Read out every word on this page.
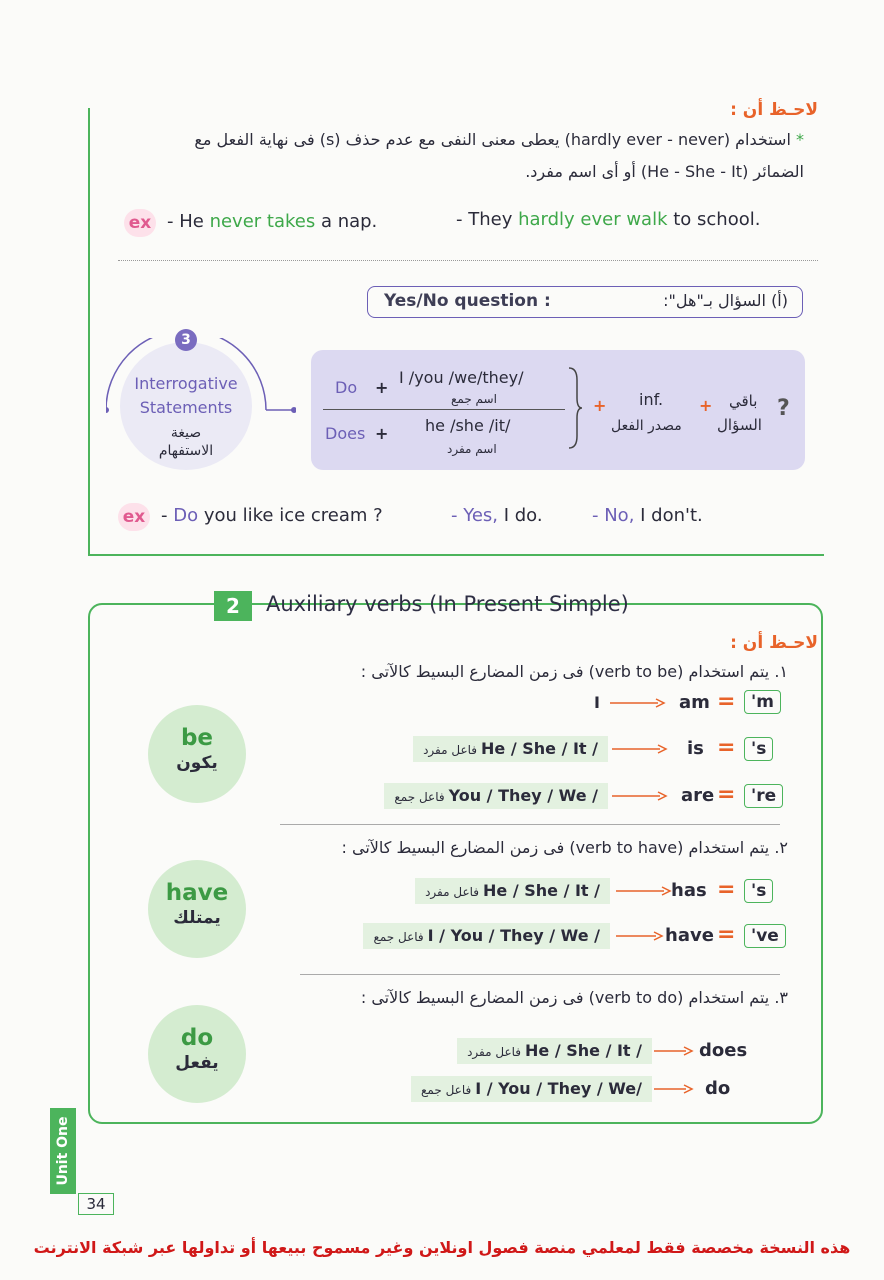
لاحـظ أن :
* استخدام (hardly ever - never) يعطى معنى النفى مع عدم حذف (s) فى نهاية الفعل مع
الضمائر (He - She - It) أو أى اسم مفرد.
ex - He never takes a nap.	- They hardly ever walk to school.
Yes/No question :	(أ) السؤال بـ"هل":
3
Interrogative
Statements
صيغة
الاستفهام
Do +
I /you /we/they/
اسم جمع
Does + he /she /it/
اسم مفرد
+ inf.
مصدر الفعل
+ باقي
السؤال
?
ex - Do you like ice cream ?	- Yes, I do.	- No, I don't.
2	Auxiliary verbs (In Present Simple)
لاحـظ أن :
١. يتم استخدام (verb to be) فى زمن المضارع البسيط كالآتى :
be
يكون
I	am = 'm
فاعل مفرد He / She / It /	is = 's
فاعل جمع You / They / We /	are = 're
٢. يتم استخدام (verb to have) فى زمن المضارع البسيط كالآتى :
have
يمتلك
فاعل مفرد He / She / It /	has = 's
فاعل جمع I / You / They / We /	have = 've
٣. يتم استخدام (verb to do) فى زمن المضارع البسيط كالآتى :
do
يفعل
فاعل مفرد He / She / It /	does
فاعل جمع I / You / They / We/	do
Unit One
34
هذه النسخة مخصصة فقط لمعلمي منصة فصول اونلاين وغير مسموح ببيعها أو تداولها عبر شبكة الانترنت
